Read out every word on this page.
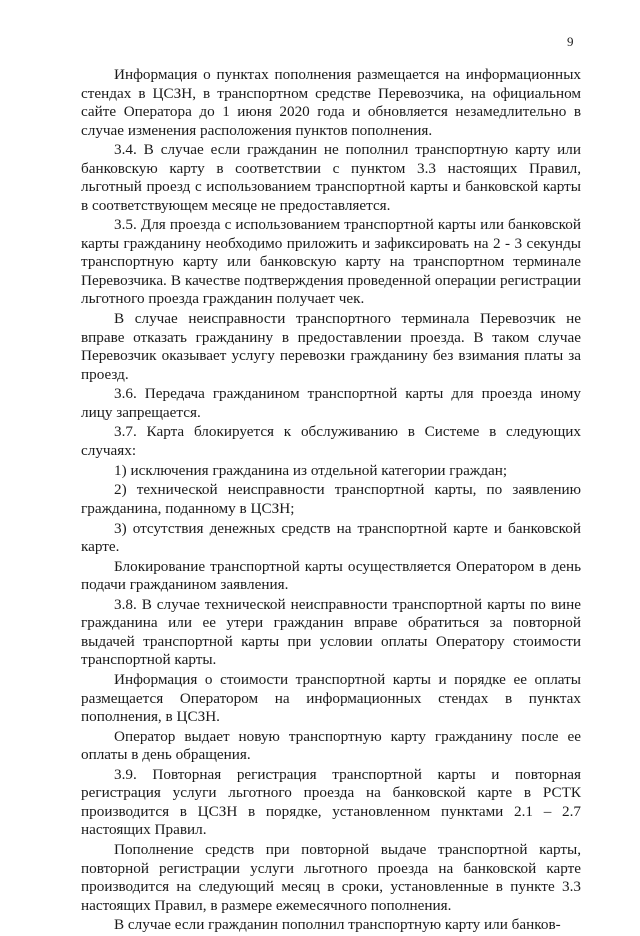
9

Информация о пунктах пополнения размещается на информационных стендах в ЦСЗН, в транспортном средстве Перевозчика, на официальном сайте Оператора до 1 июня 2020 года и обновляется незамедлительно в случае изменения расположения пунктов пополнения.

3.4. В случае если гражданин не пополнил транспортную карту или банковскую карту в соответствии с пунктом 3.3 настоящих Правил, льготный проезд с использованием транспортной карты и банковской карты в соответствующем месяце не предоставляется.

3.5. Для проезда с использованием транспортной карты или банковской карты гражданину необходимо приложить и зафиксировать на 2 - 3 секунды транспортную карту или банковскую карту на транспортном терминале Перевозчика. В качестве подтверждения проведенной операции регистрации льготного проезда гражданин получает чек.

В случае неисправности транспортного терминала Перевозчик не вправе отказать гражданину в предоставлении проезда. В таком случае Перевозчик оказывает услугу перевозки гражданину без взимания платы за проезд.

3.6. Передача гражданином транспортной карты для проезда иному лицу запрещается.

3.7. Карта блокируется к обслуживанию в Системе в следующих случаях:

1) исключения гражданина из отдельной категории граждан;

2) технической неисправности транспортной карты, по заявлению гражданина, поданному в ЦСЗН;

3) отсутствия денежных средств на транспортной карте и банковской карте.

Блокирование транспортной карты осуществляется Оператором в день подачи гражданином заявления.

3.8. В случае технической неисправности транспортной карты по вине гражданина или ее утери гражданин вправе обратиться за повторной выдачей транспортной карты при условии оплаты Оператору стоимости транспортной карты.

Информация о стоимости транспортной карты и порядке ее оплаты размещается Оператором на информационных стендах в пунктах пополнения, в ЦСЗН.

Оператор выдает новую транспортную карту гражданину после ее оплаты в день обращения.

3.9. Повторная регистрация транспортной карты и повторная регистрация услуги льготного проезда на банковской карте в РСТК производится в ЦСЗН в порядке, установленном пунктами 2.1 – 2.7 настоящих Правил.

Пополнение средств при повторной выдаче транспортной карты, повторной регистрации услуги льготного проезда на банковской карте производится на следующий месяц в сроки, установленные в пункте 3.3 настоящих Правил, в размере ежемесячного пополнения.

В случае если гражданин пополнил транспортную карту или банков-
